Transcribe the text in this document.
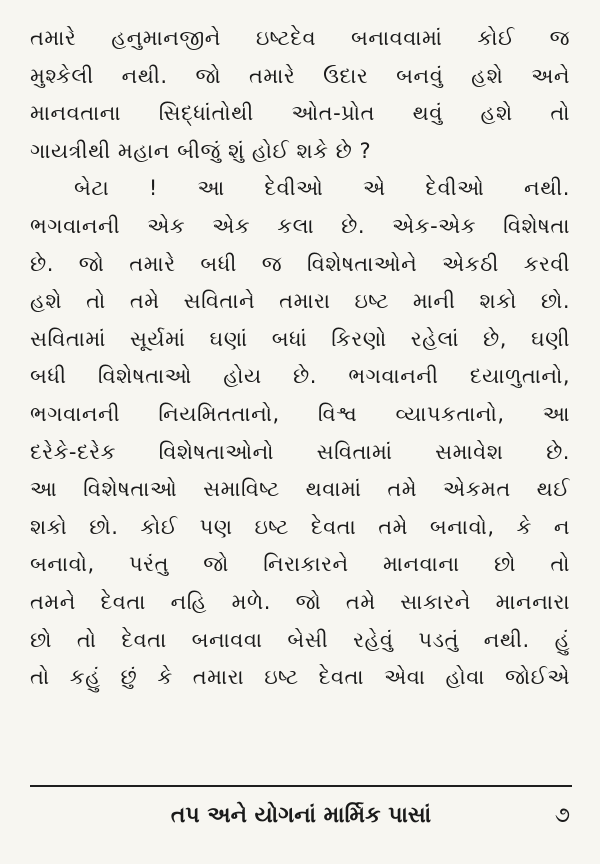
તમારે હનુમાનજીને ઇષ્ટદેવ બનાવવામાં કોઈ જ
મુશ્કેલી નથી. જો તમારે ઉદાર બનવું હશે અને
માનવતાના સિદ્ધાંતોથી ઓત-પ્રોત થવું હશે તો
ગાયત્રીથી મહાન બીજું શું હોઈ શકે છે ?
બેટા ! આ દેવીઓ એ દેવીઓ નથી.
ભગવાનની એક એક કલા છે. એક-એક વિશેષતા
છે. જો તમારે બધી જ વિશેષતાઓને એકઠી કરવી
હશે તો તમે સવિતાને તમારા ઇષ્ટ માની શકો છો.
સવિતામાં સૂર્યમાં ઘણાં બધાં કિરણો રહેલાં છે, ઘણી
બધી વિશેષતાઓ હોય છે. ભગવાનની દયાળુતાનો,
ભગવાનની નિયમિતતાનો, વિશ્વ વ્યાપકતાનો, આ
દરેકે-દરેક વિશેષતાઓનો સવિતામાં સમાવેશ છે.
આ વિશેષતાઓ સમાવિષ્ટ થવામાં તમે એકમત થઈ
શકો છો. કોઈ પણ ઇષ્ટ દેવતા તમે બનાવો, કે ન
બનાવો, પરંતુ જો નિરાકારને માનવાના છો તો
તમને દેવતા નહિ મળે. જો તમે સાકારને માનનારા
છો તો દેવતા બનાવવા બેસી રહેવું પડતું નથી. હું
તો કહું છું કે તમારા ઇષ્ટ દેવતા એવા હોવા જોઈએ
તપ અને યોગનાં માર્મિક પાસાં	૭
